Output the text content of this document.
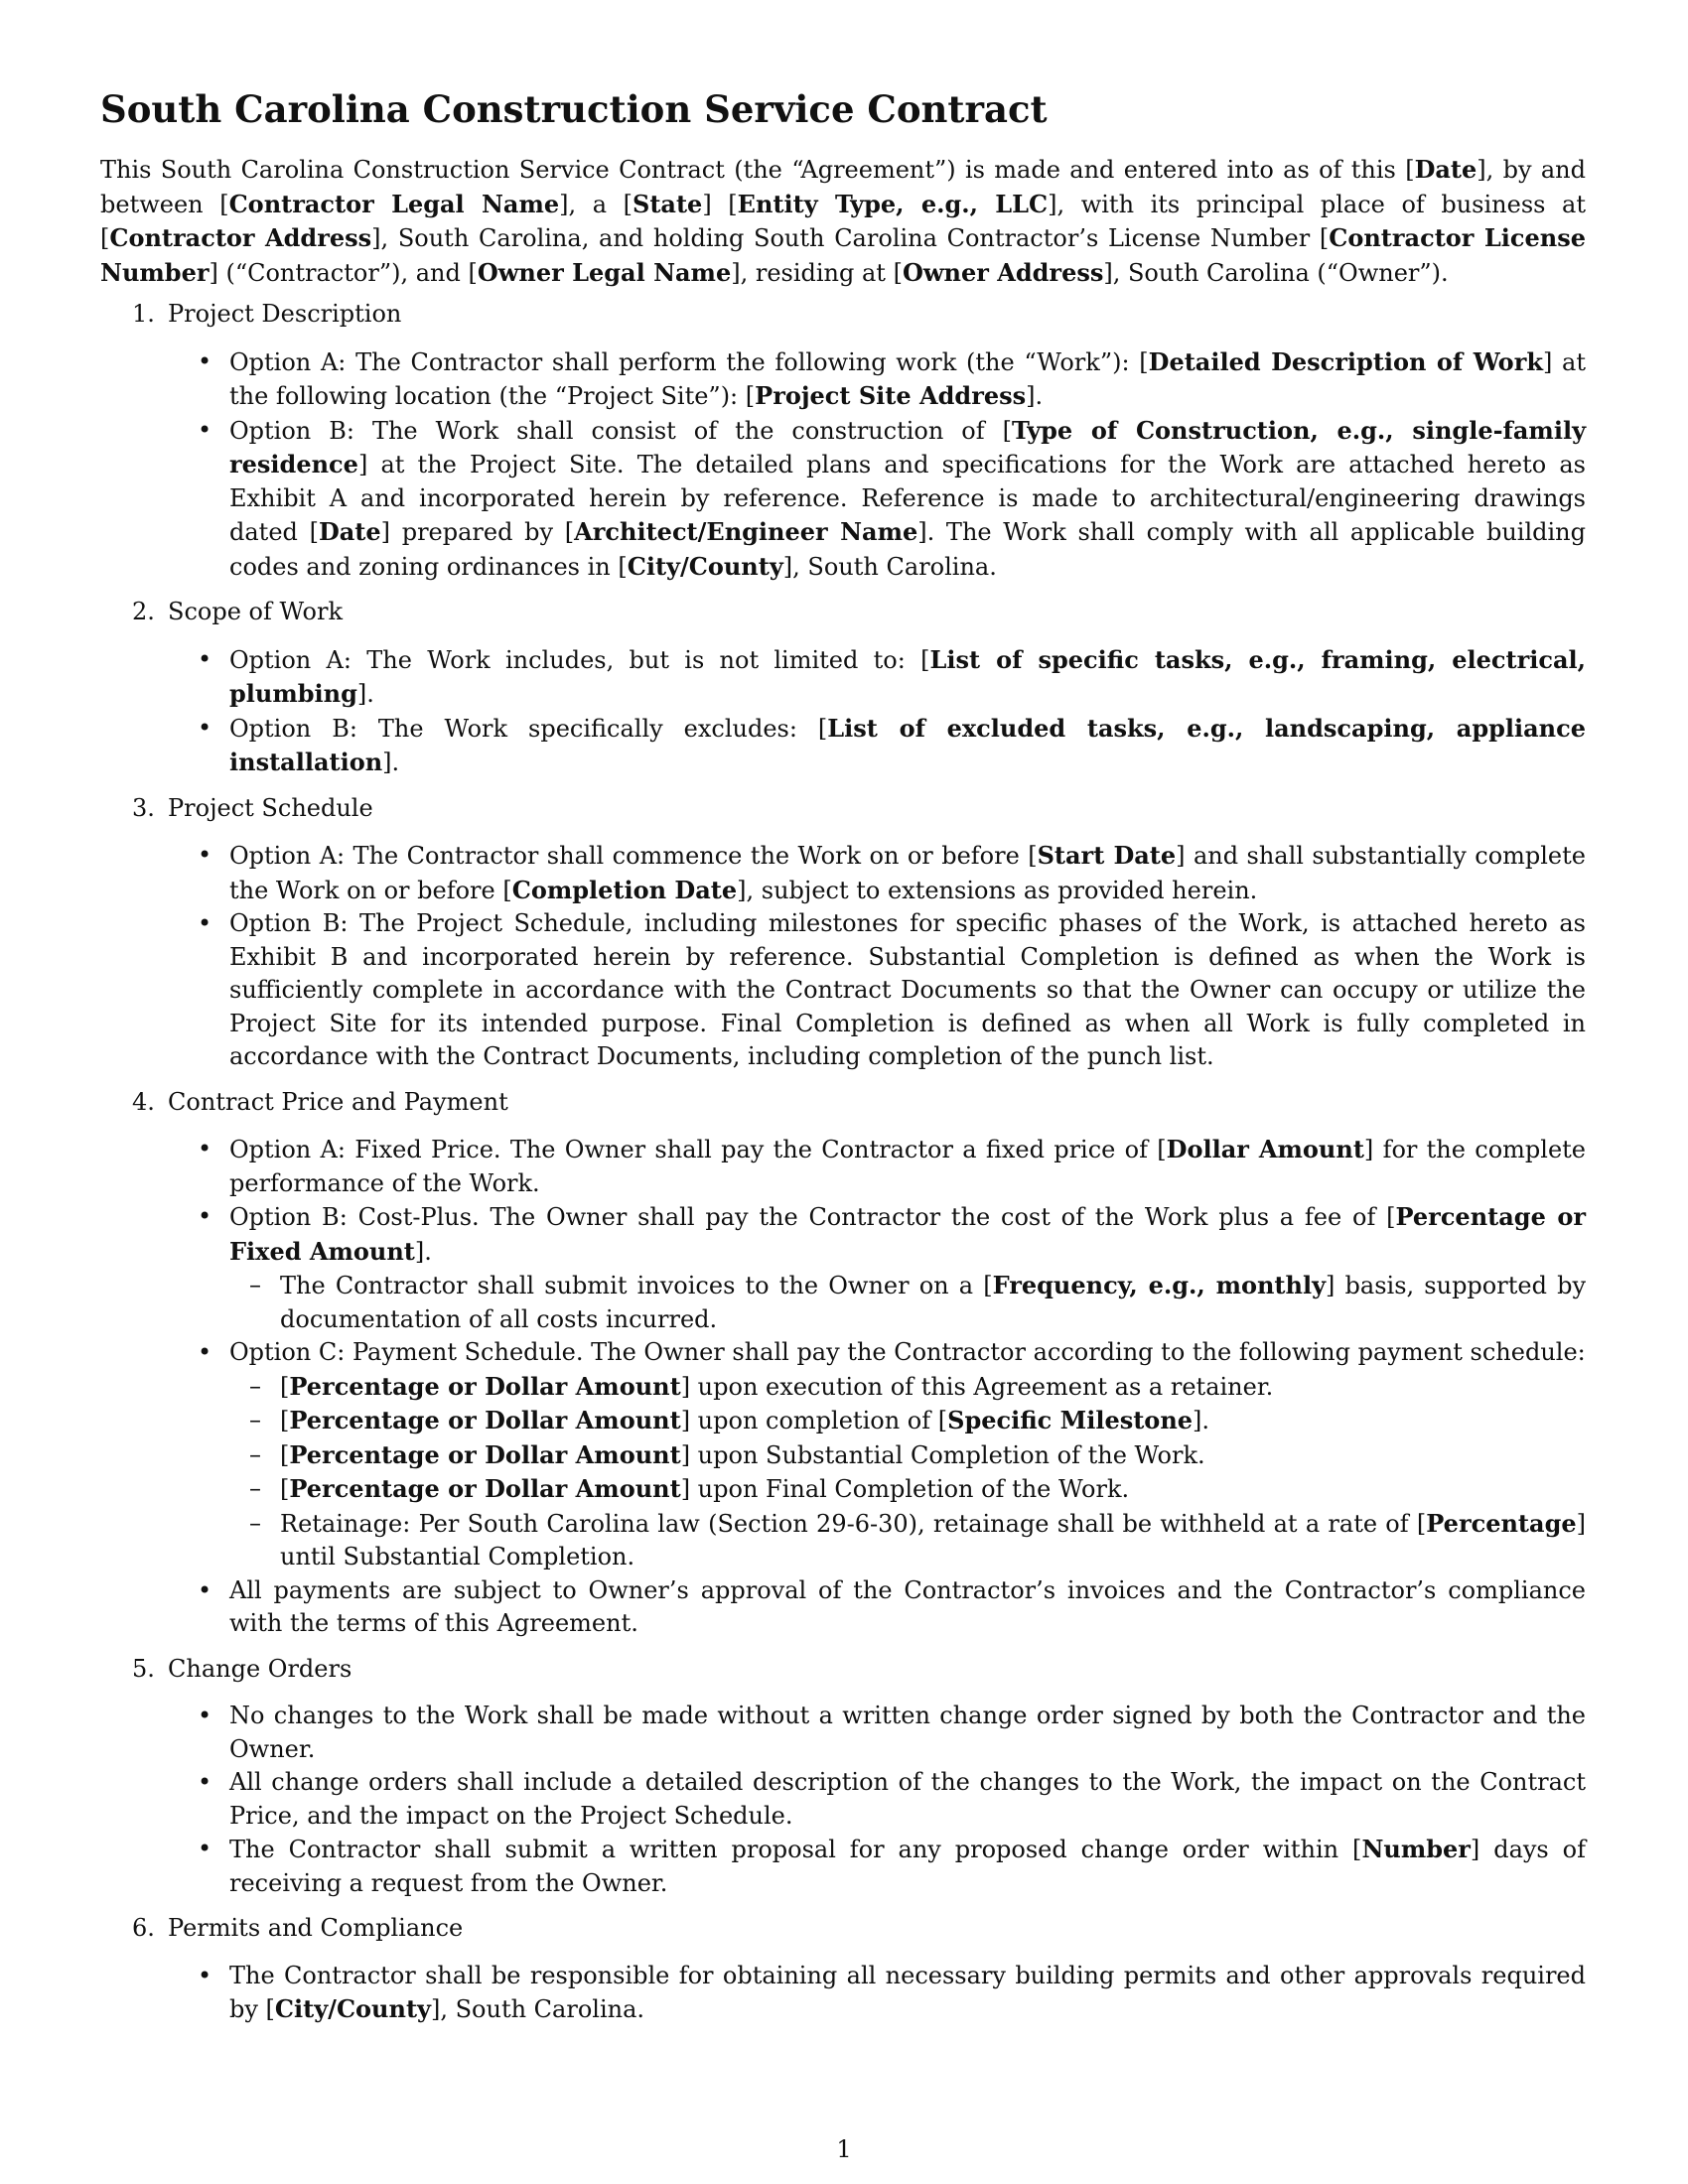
South Carolina Construction Service Contract

This South Carolina Construction Service Contract (the “Agreement”) is made and entered into as of this [Date], by and between [Contractor Legal Name], a [State] [Entity Type, e.g., LLC], with its principal place of business at [Contractor Address], South Carolina, and holding South Carolina Contractor’s License Number [Contractor License Number] (“Contractor”), and [Owner Legal Name], residing at [Owner Address], South Carolina (“Owner”).

1. Project Description
• Option A: The Contractor shall perform the following work (the “Work”): [Detailed Description of Work] at the following location (the “Project Site”): [Project Site Address].
• Option B: The Work shall consist of the construction of [Type of Construction, e.g., single-family residence] at the Project Site. The detailed plans and specifications for the Work are attached hereto as Exhibit A and incorporated herein by reference. Reference is made to architectural/engineering drawings dated [Date] prepared by [Architect/Engineer Name]. The Work shall comply with all applicable building codes and zoning ordinances in [City/County], South Carolina.
2. Scope of Work
• Option A: The Work includes, but is not limited to: [List of specific tasks, e.g., framing, electrical, plumbing].
• Option B: The Work specifically excludes: [List of excluded tasks, e.g., landscaping, appliance installation].
3. Project Schedule
• Option A: The Contractor shall commence the Work on or before [Start Date] and shall substantially complete the Work on or before [Completion Date], subject to extensions as provided herein.
• Option B: The Project Schedule, including milestones for specific phases of the Work, is attached hereto as Exhibit B and incorporated herein by reference. Substantial Completion is defined as when the Work is sufficiently complete in accordance with the Contract Documents so that the Owner can occupy or utilize the Project Site for its intended purpose. Final Completion is defined as when all Work is fully completed in accordance with the Contract Documents, including completion of the punch list.
4. Contract Price and Payment
• Option A: Fixed Price. The Owner shall pay the Contractor a fixed price of [Dollar Amount] for the complete performance of the Work.
• Option B: Cost-Plus. The Owner shall pay the Contractor the cost of the Work plus a fee of [Percentage or Fixed Amount].
– The Contractor shall submit invoices to the Owner on a [Frequency, e.g., monthly] basis, supported by documentation of all costs incurred.
• Option C: Payment Schedule. The Owner shall pay the Contractor according to the following payment schedule:
– [Percentage or Dollar Amount] upon execution of this Agreement as a retainer.
– [Percentage or Dollar Amount] upon completion of [Specific Milestone].
– [Percentage or Dollar Amount] upon Substantial Completion of the Work.
– [Percentage or Dollar Amount] upon Final Completion of the Work.
– Retainage: Per South Carolina law (Section 29-6-30), retainage shall be withheld at a rate of [Percentage] until Substantial Completion.
• All payments are subject to Owner’s approval of the Contractor’s invoices and the Contractor’s compliance with the terms of this Agreement.
5. Change Orders
• No changes to the Work shall be made without a written change order signed by both the Contractor and the Owner.
• All change orders shall include a detailed description of the changes to the Work, the impact on the Contract Price, and the impact on the Project Schedule.
• The Contractor shall submit a written proposal for any proposed change order within [Number] days of receiving a request from the Owner.
6. Permits and Compliance
• The Contractor shall be responsible for obtaining all necessary building permits and other approvals required by [City/County], South Carolina.
1
